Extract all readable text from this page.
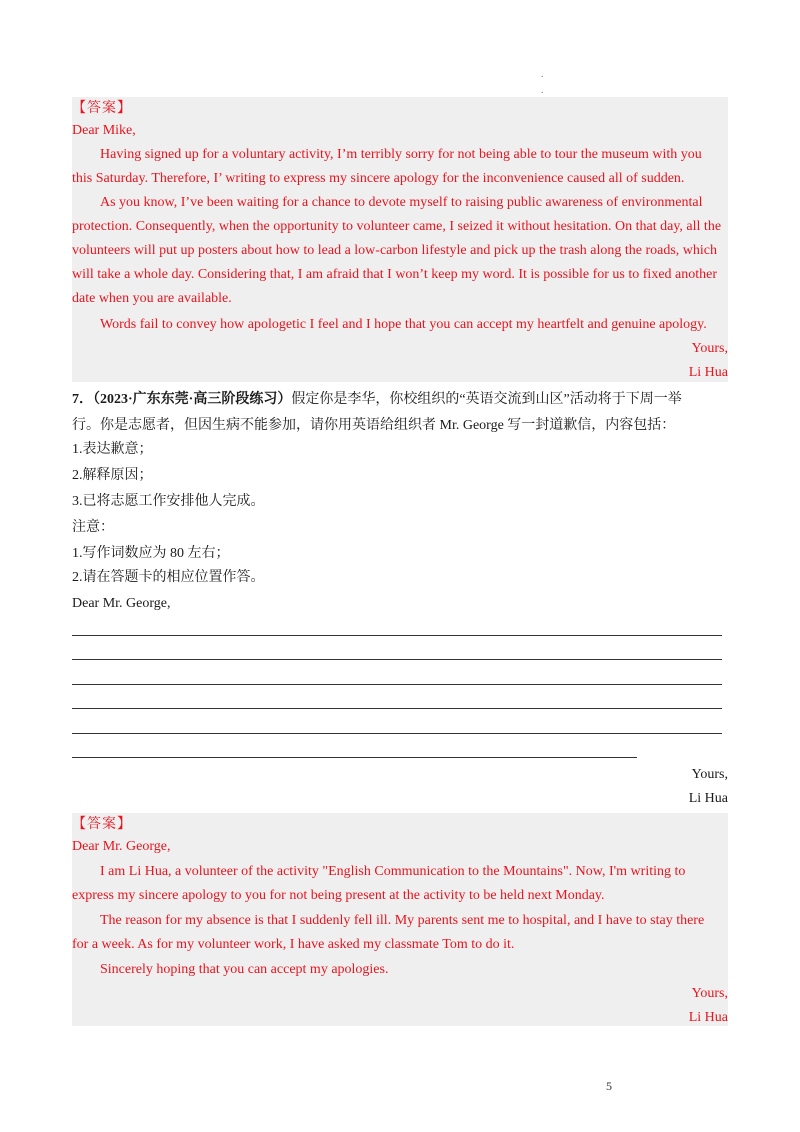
.
.
【答案】
Dear Mike,
Having signed up for a voluntary activity, I’m terribly sorry for not being able to tour the museum with you
this Saturday. Therefore, I’ writing to express my sincere apology for the inconvenience caused all of sudden.
As you know, I’ve been waiting for a chance to devote myself to raising public awareness of environmental
protection. Consequently, when the opportunity to volunteer came, I seized it without hesitation. On that day, all the
volunteers will put up posters about how to lead a low-carbon lifestyle and pick up the trash along the roads, which
will take a whole day. Considering that, I am afraid that I won’t keep my word. It is possible for us to fixed another
date when you are available.
Words fail to convey how apologetic I feel and I hope that you can accept my heartfelt and genuine apology.
Yours,
Li Hua
7．（2023·广东东莞·高三阶段练习）假定你是李华，你校组织的“英语交流到山区”活动将于下周一举
行。你是志愿者，但因生病不能参加，请你用英语给组织者 Mr. George 写一封道歉信，内容包括：
1.表达歉意；
2.解释原因；
3.已将志愿工作安排他人完成。
注意：
1.写作词数应为 80 左右；
2.请在答题卡的相应位置作答。
Dear Mr. George,
Yours,
Li Hua
【答案】
Dear Mr. George,
I am Li Hua, a volunteer of the activity "English Communication to the Mountains". Now, I'm writing to
express my sincere apology to you for not being present at the activity to be held next Monday.
The reason for my absence is that I suddenly fell ill. My parents sent me to hospital, and I have to stay there
for a week. As for my volunteer work, I have asked my classmate Tom to do it.
Sincerely hoping that you can accept my apologies.
Yours,
Li Hua
5
